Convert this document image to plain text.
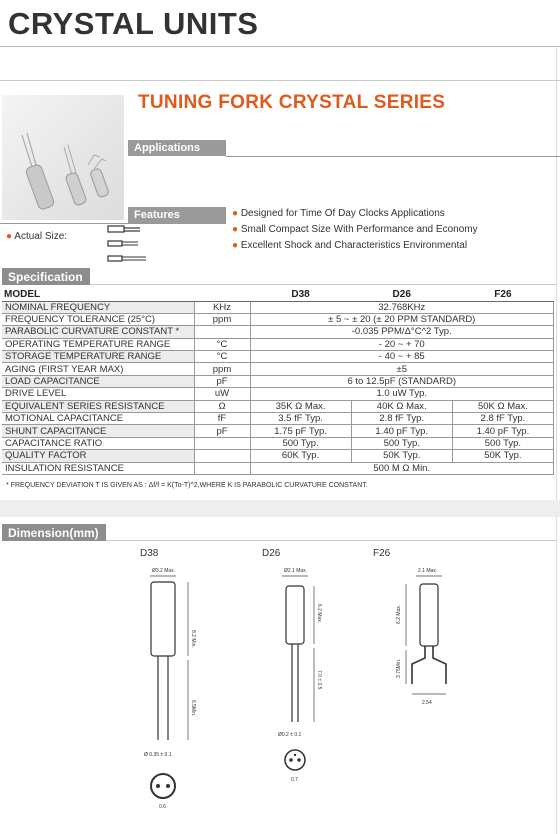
CRYSTAL UNITS
TUNING FORK CRYSTAL SERIES
Applications
Features
● Actual Size:
● Designed for Time Of Day Clocks Applications
● Small Compact Size With Performance and Economy
● Excellent Shock and Characteristics Environmental
Specification
MODEL		D38	D26	F26
NOMINAL FREQUENCY	KHz	32.768KHz		
FREQUENCY TOLERANCE (25°C)	ppm	± 5 ~ ± 20 (± 20 PPM STANDARD)		
PARABOLIC CURVATURE CONSTANT *		-0.035 PPM/Δ°C^2 Typ.		
OPERATING TEMPERATURE RANGE	°C	- 20 ~ + 70		
STORAGE TEMPERATURE RANGE	°C	- 40 ~ + 85		
AGING (FIRST YEAR MAX)	ppm	±5		
LOAD CAPACITANCE	pF	6 to 12.5pF (STANDARD)		
DRIVE LEVEL	uW	1.0 uW Typ.		
EQUIVALENT SERIES RESISTANCE	Ω	35K Ω Max.	40K Ω Max.	50K Ω Max.
MOTIONAL CAPACITANCE	fF	3.5 fF Typ.	2.8 fF Typ.	2.8 fF Typ.
SHUNT CAPACITANCE	pF	1.75 pF Typ.	1.40 pF Typ.	1.40 pF Typ.
CAPACITANCE RATIO		500 Typ.	500 Typ.	500 Typ.
QUALITY FACTOR		60K Typ.	50K Typ.	50K Typ.
INSULATION RESISTANCE		500 M Ω Min.		
* FREQUENCY DEVIATION T IS GIVEN AS : Δf/f = K(To-T)^2,WHERE K IS PARABOLIC CURVATURE CONSTANT.
Dimension(mm)
D38	D26	F26
Ø3.2 Max.
8.2 Min.
6.5Min.
Ø 0.35 ± 0.1
0.6
Ø2.1 Max.
6.2 Max.
7.0 ± 0.5
Ø0.2 ± 0.1
0.7
2.1 Max.
6.2 Max.
3.75Min.
2.54
